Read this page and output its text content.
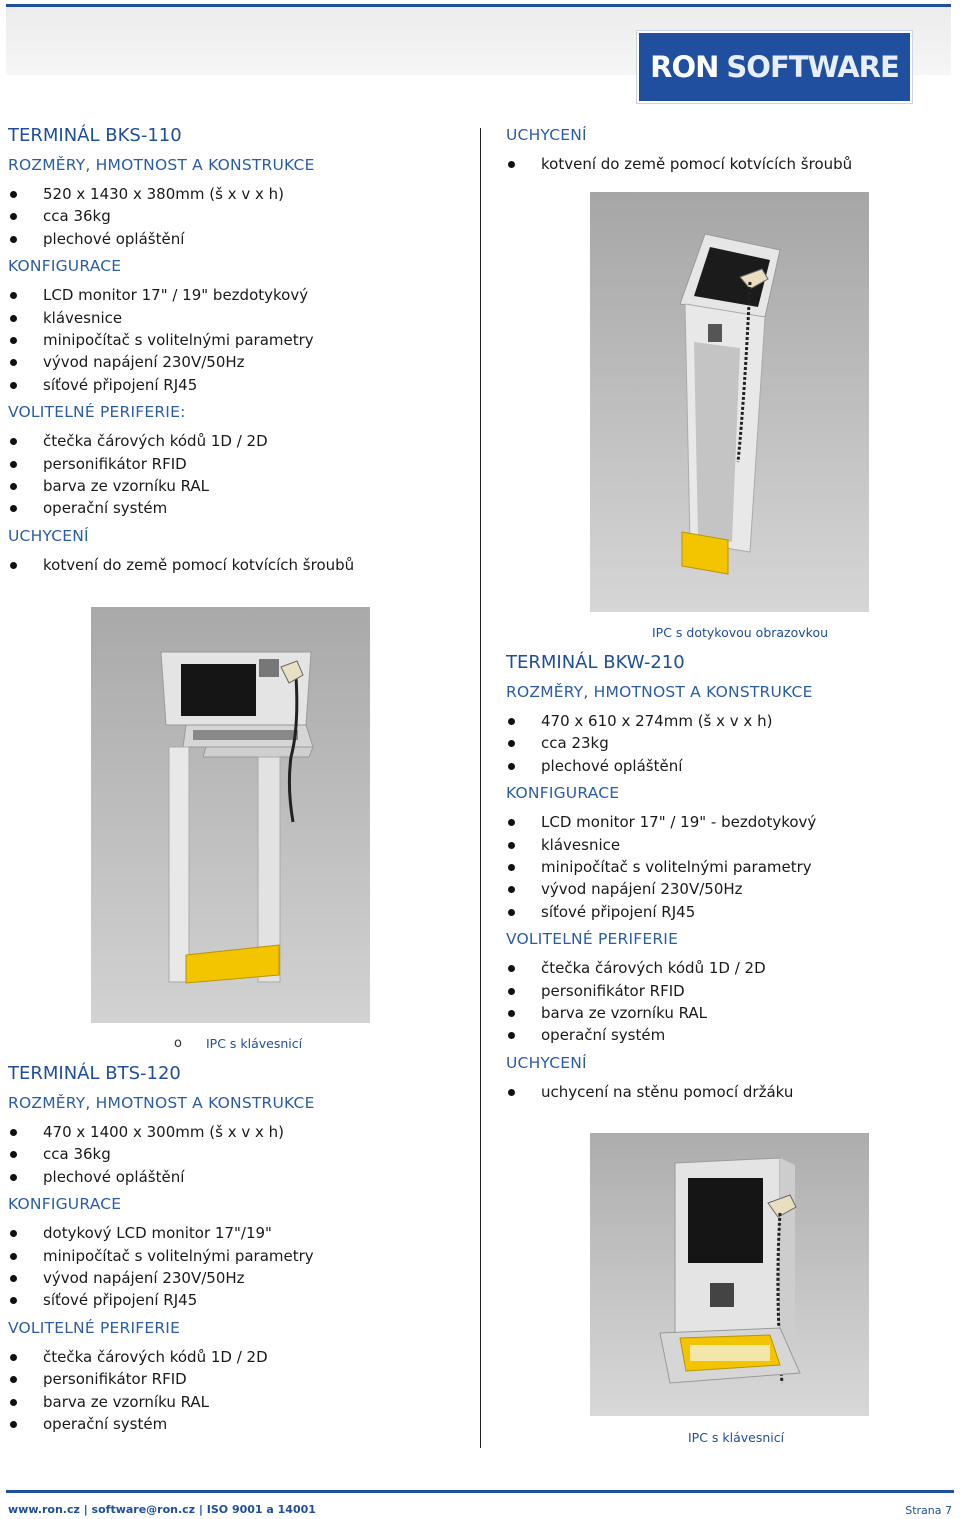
RON SOFTWARE
TERMINÁL BKS-110
ROZMĚRY, HMOTNOST A KONSTRUKCE
520 x 1430 x 380mm (š x v x h)
cca 36kg
plechové opláštění
KONFIGURACE
LCD monitor 17" / 19" bezdotykový
klávesnice
minipočítač s volitelnými parametry
vývod napájení 230V/50Hz
síťové připojení RJ45
VOLITELNÉ PERIFERIE:
čtečka čárových kódů 1D / 2D
personifikátor RFID
barva ze vzorníku RAL
operační systém
UCHYCENÍ
kotvení do země pomocí kotvících šroubů
o IPC s klávesnicí
TERMINÁL BTS-120
ROZMĚRY, HMOTNOST A KONSTRUKCE
470 x 1400 x 300mm (š x v x h)
cca 36kg
plechové opláštění
KONFIGURACE
dotykový LCD monitor 17"/19"
minipočítač s volitelnými parametry
vývod napájení 230V/50Hz
síťové připojení RJ45
VOLITELNÉ PERIFERIE
čtečka čárových kódů 1D / 2D
personifikátor RFID
barva ze vzorníku RAL
operační systém
UCHYCENÍ
kotvení do země pomocí kotvících šroubů
IPC s dotykovou obrazovkou
TERMINÁL BKW-210
ROZMĚRY, HMOTNOST A KONSTRUKCE
470 x 610 x 274mm (š x v x h)
cca 23kg
plechové opláštění
KONFIGURACE
LCD monitor 17" / 19" - bezdotykový
klávesnice
minipočítač s volitelnými parametry
vývod napájení 230V/50Hz
síťové připojení RJ45
VOLITELNÉ PERIFERIE
čtečka čárových kódů 1D / 2D
personifikátor RFID
barva ze vzorníku RAL
operační systém
UCHYCENÍ
uchycení na stěnu pomocí držáku
IPC s klávesnicí
www.ron.cz | software@ron.cz | ISO 9001 a 14001	Strana 7
